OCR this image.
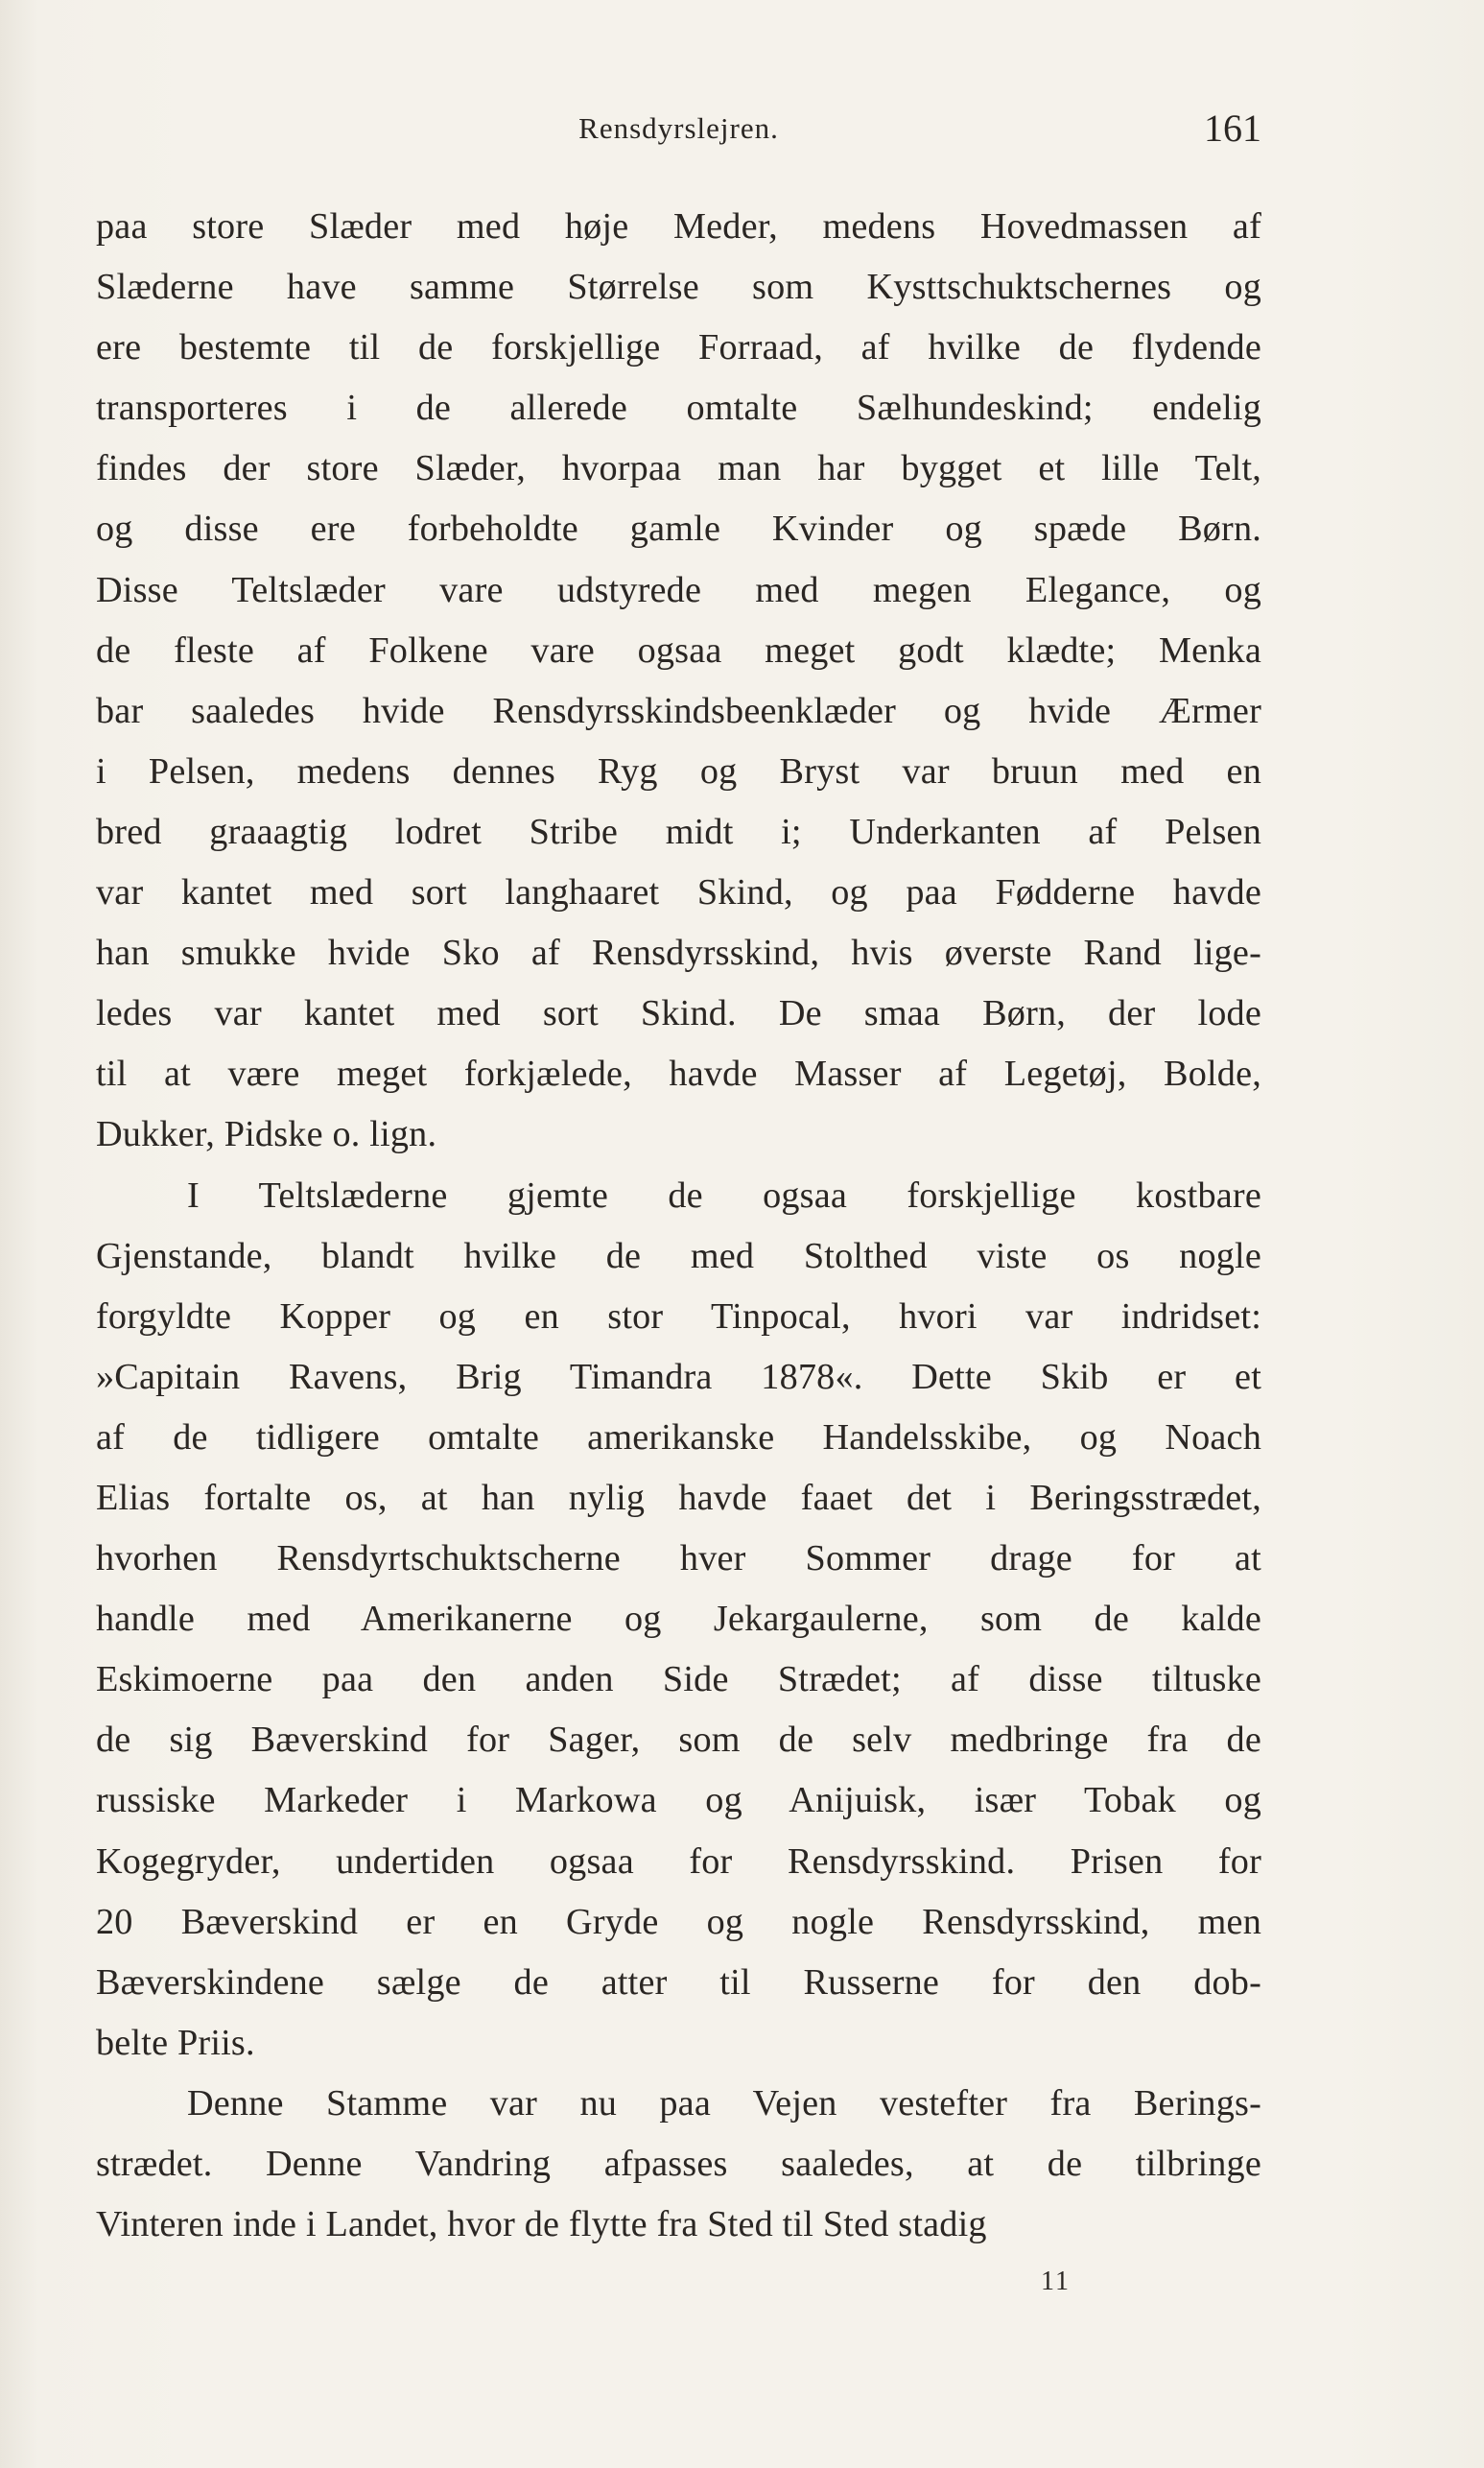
Rensdyrslejren.	161
paa store Slæder med høje Meder, medens Hovedmassen af
Slæderne have samme Størrelse som Kysttschuktschernes og
ere bestemte til de forskjellige Forraad, af hvilke de flydende
transporteres i de allerede omtalte Sælhundeskind; endelig
findes der store Slæder, hvorpaa man har bygget et lille Telt,
og disse ere forbeholdte gamle Kvinder og spæde Børn.
Disse Teltslæder vare udstyrede med megen Elegance, og
de fleste af Folkene vare ogsaa meget godt klædte; Menka
bar saaledes hvide Rensdyrsskindsbeenklæder og hvide Ærmer
i Pelsen, medens dennes Ryg og Bryst var bruun med en
bred graaagtig lodret Stribe midt i; Underkanten af Pelsen
var kantet med sort langhaaret Skind, og paa Fødderne havde
han smukke hvide Sko af Rensdyrsskind, hvis øverste Rand lige-
ledes var kantet med sort Skind. De smaa Børn, der lode
til at være meget forkjælede, havde Masser af Legetøj, Bolde,
Dukker, Pidske o. lign.
I Teltslæderne gjemte de ogsaa forskjellige kostbare
Gjenstande, blandt hvilke de med Stolthed viste os nogle
forgyldte Kopper og en stor Tinpocal, hvori var indridset:
»Capitain Ravens, Brig Timandra 1878«. Dette Skib er et
af de tidligere omtalte amerikanske Handelsskibe, og Noach
Elias fortalte os, at han nylig havde faaet det i Beringsstrædet,
hvorhen Rensdyrtschuktscherne hver Sommer drage for at
handle med Amerikanerne og Jekargaulerne, som de kalde
Eskimoerne paa den anden Side Strædet; af disse tiltuske
de sig Bæverskind for Sager, som de selv medbringe fra de
russiske Markeder i Markowa og Anijuisk, især Tobak og
Kogegryder, undertiden ogsaa for Rensdyrsskind. Prisen for
20 Bæverskind er en Gryde og nogle Rensdyrsskind, men
Bæverskindene sælge de atter til Russerne for den dob-
belte Priis.
Denne Stamme var nu paa Vejen vestefter fra Berings-
strædet. Denne Vandring afpasses saaledes, at de tilbringe
Vinteren inde i Landet, hvor de flytte fra Sted til Sted stadig
11
